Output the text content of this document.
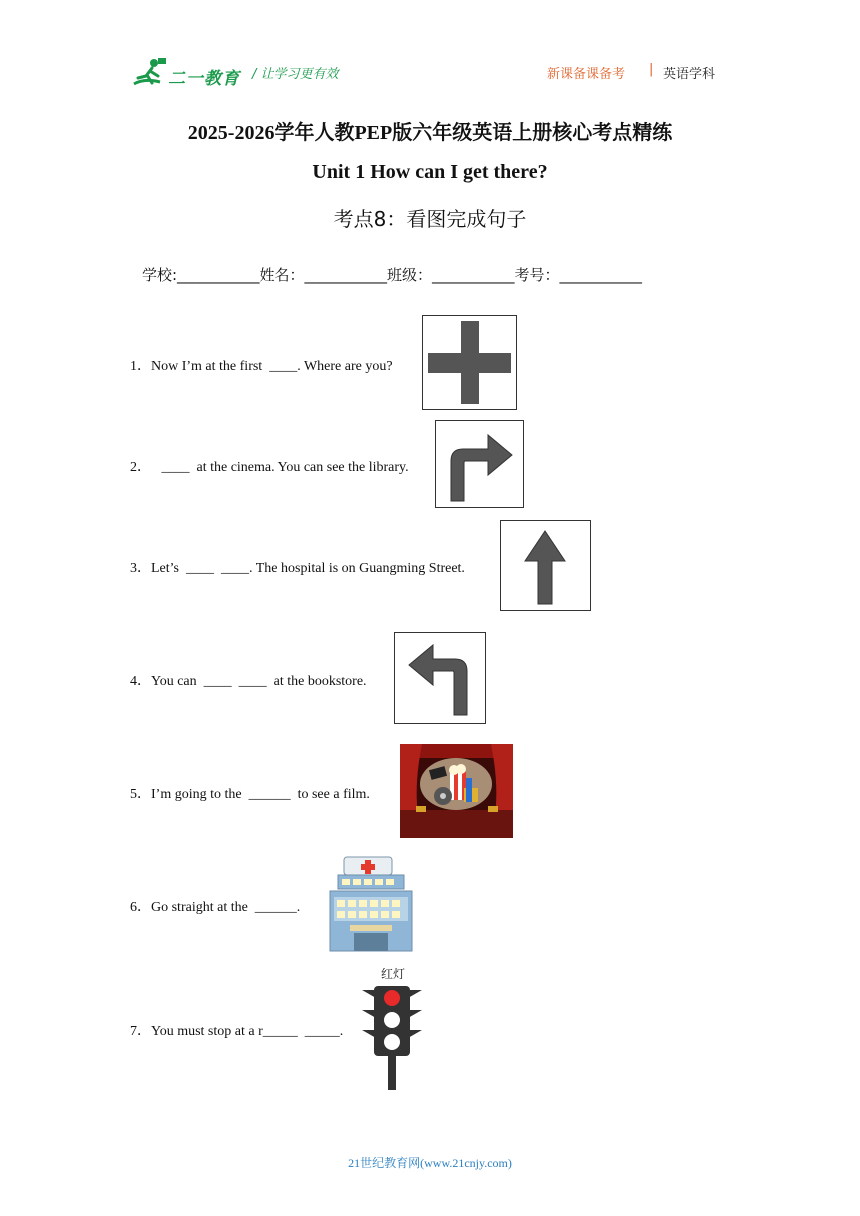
二一教育 / 让学习更有效	新课备课备考 | 英语学科
2025-2026学年人教PEP版六年级英语上册核心考点精练
Unit 1 How can I get there?
考点8：看图完成句子
学校:___________姓名：___________班级：___________考号：___________
1．Now I’m at the first  ____. Where are you?
2．   ____  at the cinema. You can see the library.
3．Let’s  ____  ____. The hospital is on Guangming Street.
4．You can  ____  ____  at the bookstore.
5．I’m going to the  ______  to see a film.
6．Go straight at the  ______.
7．You must stop at a r_____  _____.
红灯
21世纪教育网(www.21cnjy.com)
